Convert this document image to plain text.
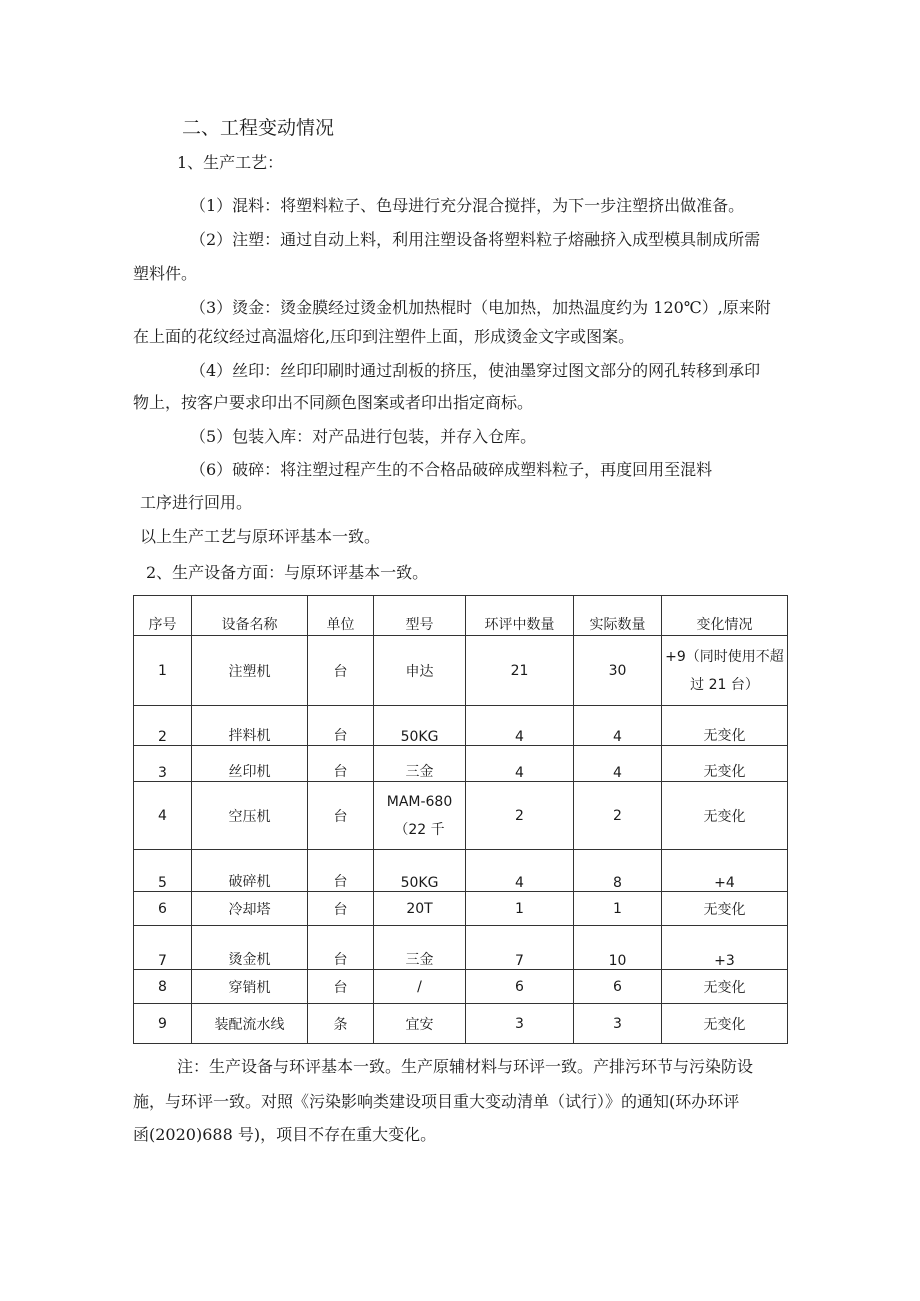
二、工程变动情况
1、生产工艺：
（1）混料：将塑料粒子、色母进行充分混合搅拌，为下一步注塑挤出做准备。
（2）注塑：通过自动上料，利用注塑设备将塑料粒子熔融挤入成型模具制成所需
塑料件。
（3）烫金：烫金膜经过烫金机加热棍时（电加热，加热温度约为 120℃）,原来附
在上面的花纹经过高温熔化,压印到注塑件上面，形成烫金文字或图案。
（4）丝印：丝印印刷时通过刮板的挤压，使油墨穿过图文部分的网孔转移到承印
物上，按客户要求印出不同颜色图案或者印出指定商标。
（5）包装入库：对产品进行包装，并存入仓库。
（6）破碎：将注塑过程产生的不合格品破碎成塑料粒子，再度回用至混料
工序进行回用。
以上生产工艺与原环评基本一致。
2、生产设备方面：与原环评基本一致。
序号	设备名称	单位	型号	环评中数量	实际数量	变化情况
1	注塑机	台	申达	21	30	+9（同时使用不超
过 21 台）

2	拌料机	台	50KG	4	4	无变化
3	丝印机	台	三金	4	4	无变化
4	空压机	台	MAM-680
（22 千	2	2	无变化
5	破碎机	台	50KG	4	8	+4
6	冷却塔	台	20T	1	1	无变化
7	烫金机	台	三金	7	10	+3
8	穿销机	台	/	6	6	无变化
9	装配流水线	条	宜安	3	3	无变化
注：生产设备与环评基本一致。生产原辅材料与环评一致。产排污环节与污染防设
施，与环评一致。对照《污染影响类建设项目重大变动清单（试行）》的通知(环办环评
函(2020)688 号)，项目不存在重大变化。
